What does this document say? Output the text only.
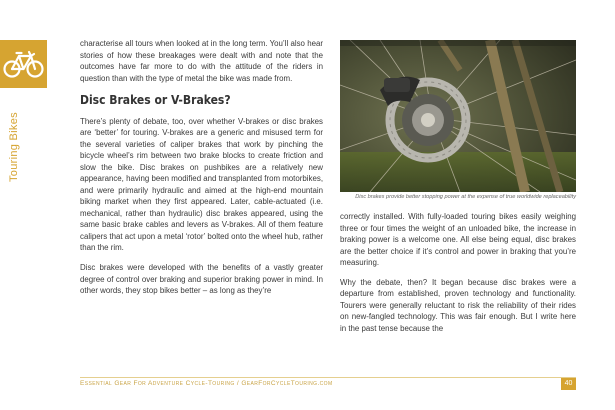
Touring Bikes

characterise all tours when looked at in the long term. You’ll also hear stories of how these breakages were dealt with and note that the outcomes have far more to do with the attitude of the riders in question than with the type of metal the bike was made from.

Disc Brakes or V-Brakes?

There’s plenty of debate, too, over whether V-brakes or disc brakes are ‘better’ for touring. V-brakes are a generic and misused term for the several varieties of caliper brakes that work by pinching the bicycle wheel’s rim between two brake blocks to create friction and slow the bike. Disc brakes on pushbikes are a relatively new appearance, having been modified and transplanted from motorbikes, and were primarily hydraulic and aimed at the high-end mountain biking market when they first appeared. Later, cable-actuated (i.e. mechanical, rather than hydraulic) disc brakes appeared, using the same basic brake cables and levers as V-brakes. All of them feature calipers that act upon a metal ‘rotor’ bolted onto the wheel hub, rather than the rim.

Disc brakes were developed with the benefits of a vastly greater degree of control over braking and superior braking power in mind. In other words, they stop bikes better – as long as they’re

Disc brakes provide better stopping power at the expense of true worldwide replaceability

correctly installed. With fully-loaded touring bikes easily weighing three or four times the weight of an unloaded bike, the increase in braking power is a welcome one. All else being equal, disc brakes are the better choice if it’s control and power in braking that you’re measuring.

Why the debate, then? It began because disc brakes were a departure from established, proven technology and functionality. Tourers were generally reluctant to risk the reliability of their rides on new-fangled technology. This was fair enough. But I write here in the past tense because the

Essential Gear For Adventure Cycle-Touring / GearForCycleTouring.com	40
